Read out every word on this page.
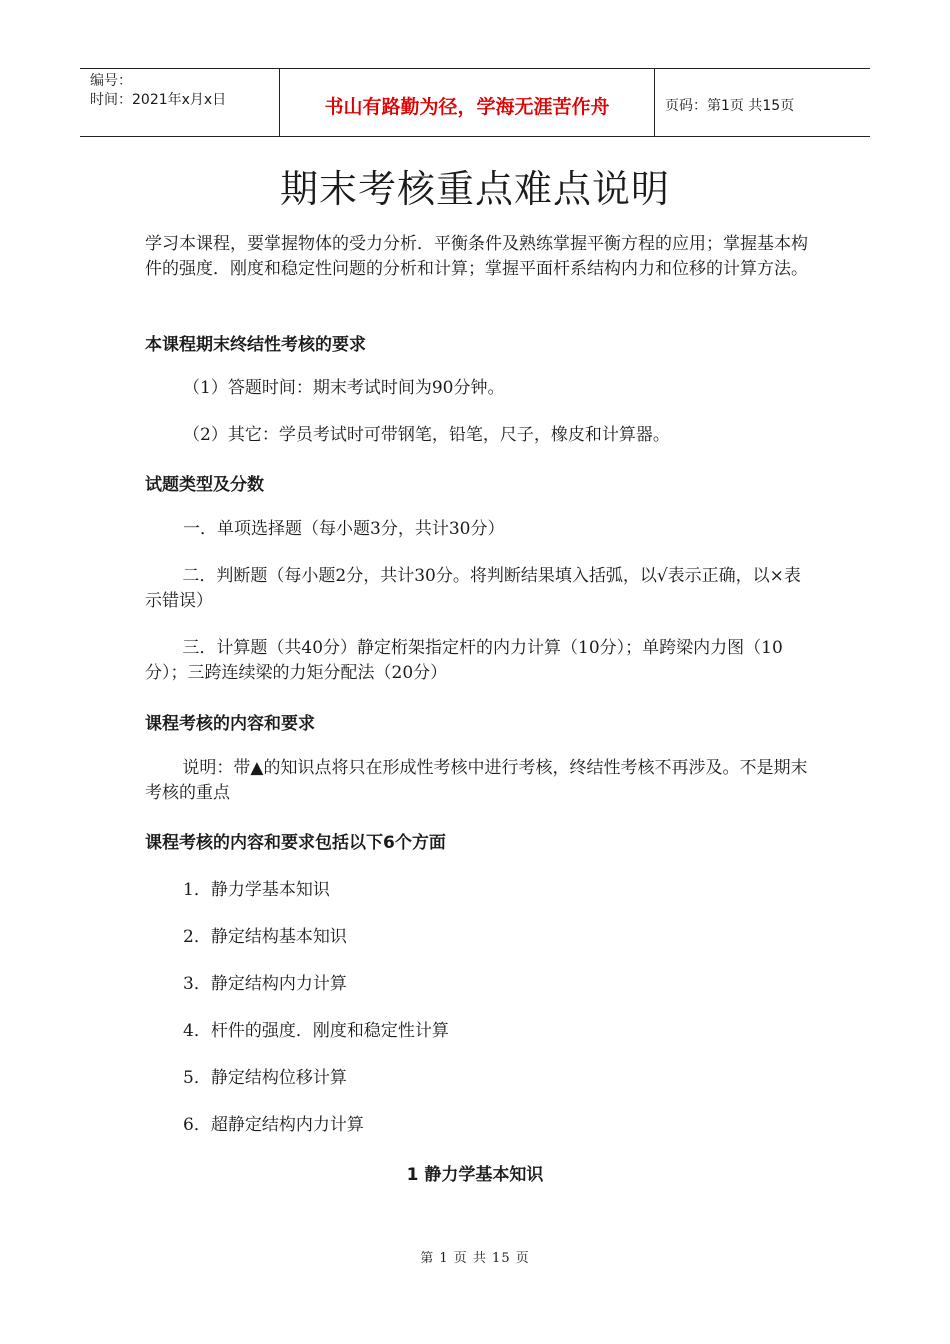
编号：
时间：2021年x月x日	书山有路勤为径，学海无涯苦作舟	页码：第1页 共15页
期末考核重点难点说明

学习本课程，要掌握物体的受力分析．平衡条件及熟练掌握平衡方程的应用；掌握基本构件的强度．刚度和稳定性问题的分析和计算；掌握平面杆系结构内力和位移的计算方法。

本课程期末终结性考核的要求

（1）答题时间：期末考试时间为90分钟。

（2）其它：学员考试时可带钢笔，铅笔，尺子，橡皮和计算器。

试题类型及分数

一．单项选择题（每小题3分，共计30分）

二．判断题（每小题2分，共计30分。将判断结果填入括弧，以√表示正确，以×表示错误）

三．计算题（共40分）静定桁架指定杆的内力计算（10分）；单跨梁内力图（10分）；三跨连续梁的力矩分配法（20分）

课程考核的内容和要求

说明：带▲的知识点将只在形成性考核中进行考核，终结性考核不再涉及。不是期末考核的重点

课程考核的内容和要求包括以下6个方面

1．静力学基本知识

2．静定结构基本知识

3．静定结构内力计算

4．杆件的强度．刚度和稳定性计算

5．静定结构位移计算

6．超静定结构内力计算

1 静力学基本知识
第 1 页 共 15 页
